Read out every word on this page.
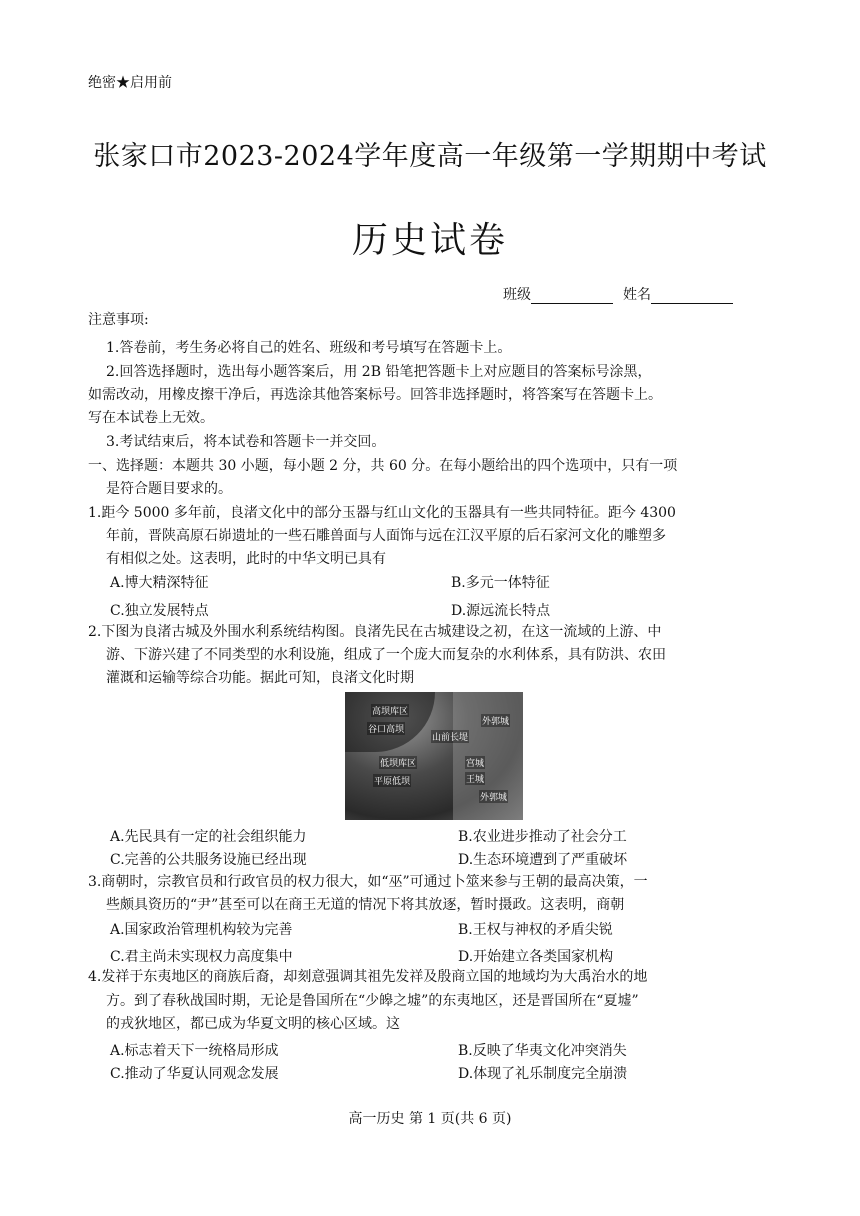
绝密★启用前
张家口市2023-2024学年度高一年级第一学期期中考试
历史试卷
班级	姓名
注意事项:
1.答卷前，考生务必将自己的姓名、班级和考号填写在答题卡上。
2.回答选择题时，选出每小题答案后，用 2B 铅笔把答题卡上对应题目的答案标号涂黑，
如需改动，用橡皮擦干净后，再选涂其他答案标号。回答非选择题时，将答案写在答题卡上。
写在本试卷上无效。
3.考试结束后，将本试卷和答题卡一并交回。
一、选择题：本题共 30 小题，每小题 2 分，共 60 分。在每小题给出的四个选项中，只有一项
是符合题目要求的。
1.距今 5000 多年前，良渚文化中的部分玉器与红山文化的玉器具有一些共同特征。距今 4300
年前，晋陕高原石峁遗址的一些石雕兽面与人面饰与远在江汉平原的后石家河文化的雕塑多
有相似之处。这表明，此时的中华文明已具有
A.博大精深特征	B.多元一体特征
C.独立发展特点	D.源远流长特点
2.下图为良渚古城及外围水利系统结构图。良渚先民在古城建设之初，在这一流域的上游、中
游、下游兴建了不同类型的水利设施，组成了一个庞大而复杂的水利体系，具有防洪、农田
灌溉和运输等综合功能。据此可知，良渚文化时期
高坝库区
谷口高坝
山前长堤
外郭城
低坝库区	宫城
王城
平原低坝
外郭城
A.先民具有一定的社会组织能力	B.农业进步推动了社会分工
C.完善的公共服务设施已经出现	D.生态环境遭到了严重破坏
3.商朝时，宗教官员和行政官员的权力很大，如“巫”可通过卜筮来参与王朝的最高决策，一
些颇具资历的“尹”甚至可以在商王无道的情况下将其放逐，暂时摄政。这表明，商朝
A.国家政治管理机构较为完善	B.王权与神权的矛盾尖锐
C.君主尚未实现权力高度集中	D.开始建立各类国家机构
4.发祥于东夷地区的商族后裔，却刻意强调其祖先发祥及殷商立国的地域均为大禹治水的地
方。到了春秋战国时期，无论是鲁国所在“少皞之墟”的东夷地区，还是晋国所在“夏墟”
的戎狄地区，都已成为华夏文明的核心区域。这
A.标志着天下一统格局形成	B.反映了华夷文化冲突消失
C.推动了华夏认同观念发展	D.体现了礼乐制度完全崩溃
高一历史 第 1 页(共 6 页)
